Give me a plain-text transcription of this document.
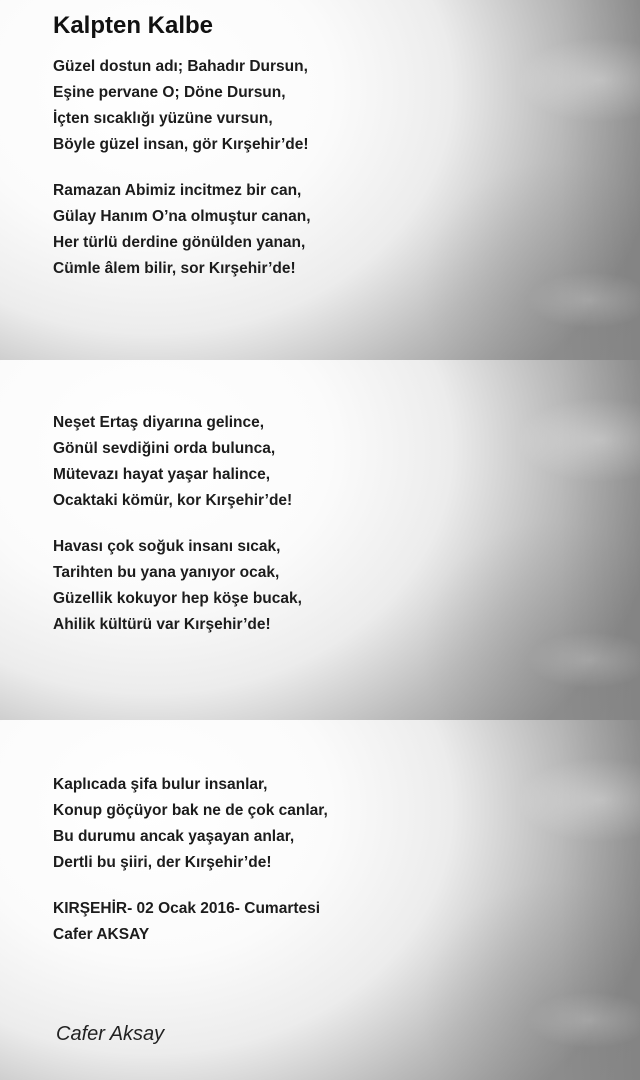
Kalpten Kalbe
Güzel dostun adı; Bahadır Dursun,
Eşine pervane O; Döne Dursun,
İçten sıcaklığı yüzüne vursun,
Böyle güzel insan, gör Kırşehir’de!
Ramazan Abimiz incitmez bir can,
Gülay Hanım O’na olmuştur canan,
Her türlü derdine gönülden yanan,
Cümle âlem bilir, sor Kırşehir’de!
Neşet Ertaş diyarına gelince,
Gönül sevdiğini orda bulunca,
Mütevazı hayat yaşar halince,
Ocaktaki kömür, kor Kırşehir’de!
Havası çok soğuk insanı sıcak,
Tarihten bu yana yanıyor ocak,
Güzellik kokuyor hep köşe bucak,
Ahilik kültürü var Kırşehir’de!
Kaplıcada şifa bulur insanlar,
Konup göçüyor bak ne de çok canlar,
Bu durumu ancak yaşayan anlar,
Dertli bu şiiri, der Kırşehir’de!
KIRŞEHİR- 02 Ocak 2016- Cumartesi
Cafer AKSAY

Cafer Aksay
